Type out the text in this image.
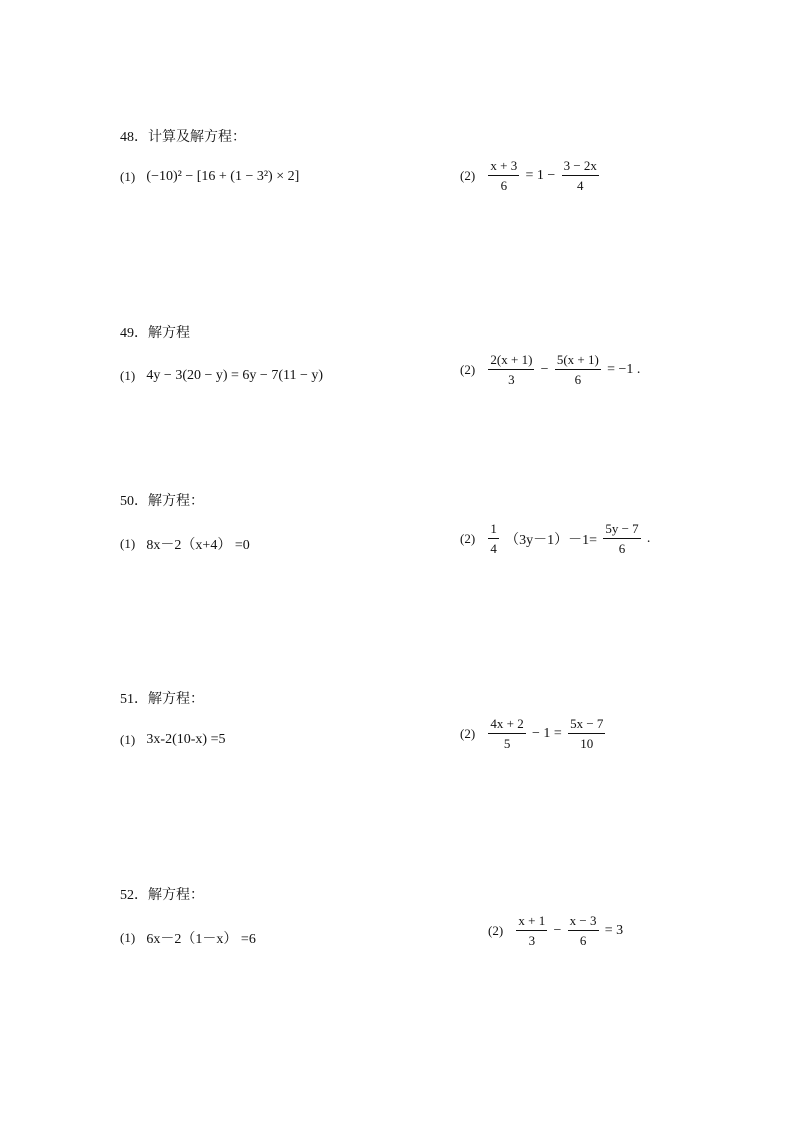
48．计算及解方程：
(1) (−10)² − [16 + (1 − 3²) × 2]	$(2) \frac{x + 3}{6} = 1 - \frac{3 - 2x}{4}$
49．解方程
(1) 4y − 3(20 − y) = 6y − 7(11 − y)	$(2) \frac{2(x + 1)}{3} - \frac{5(x + 1)}{6} = -1$ .
50．解方程：
(1) 8x－2（x+4） =0	$(2) \frac{1}{4} (3y-1)-1= \frac{5y - 7}{6}$ .
51．解方程：
(1) 3x-2(10-x) =5	$(2) \frac{4x + 2}{5} - 1 = \frac{5x - 7}{10}$
52．解方程：
(1) 6x－2（1－x） =6
$(2) \frac{x + 1}{3} - \frac{x - 3}{6} = 3$
